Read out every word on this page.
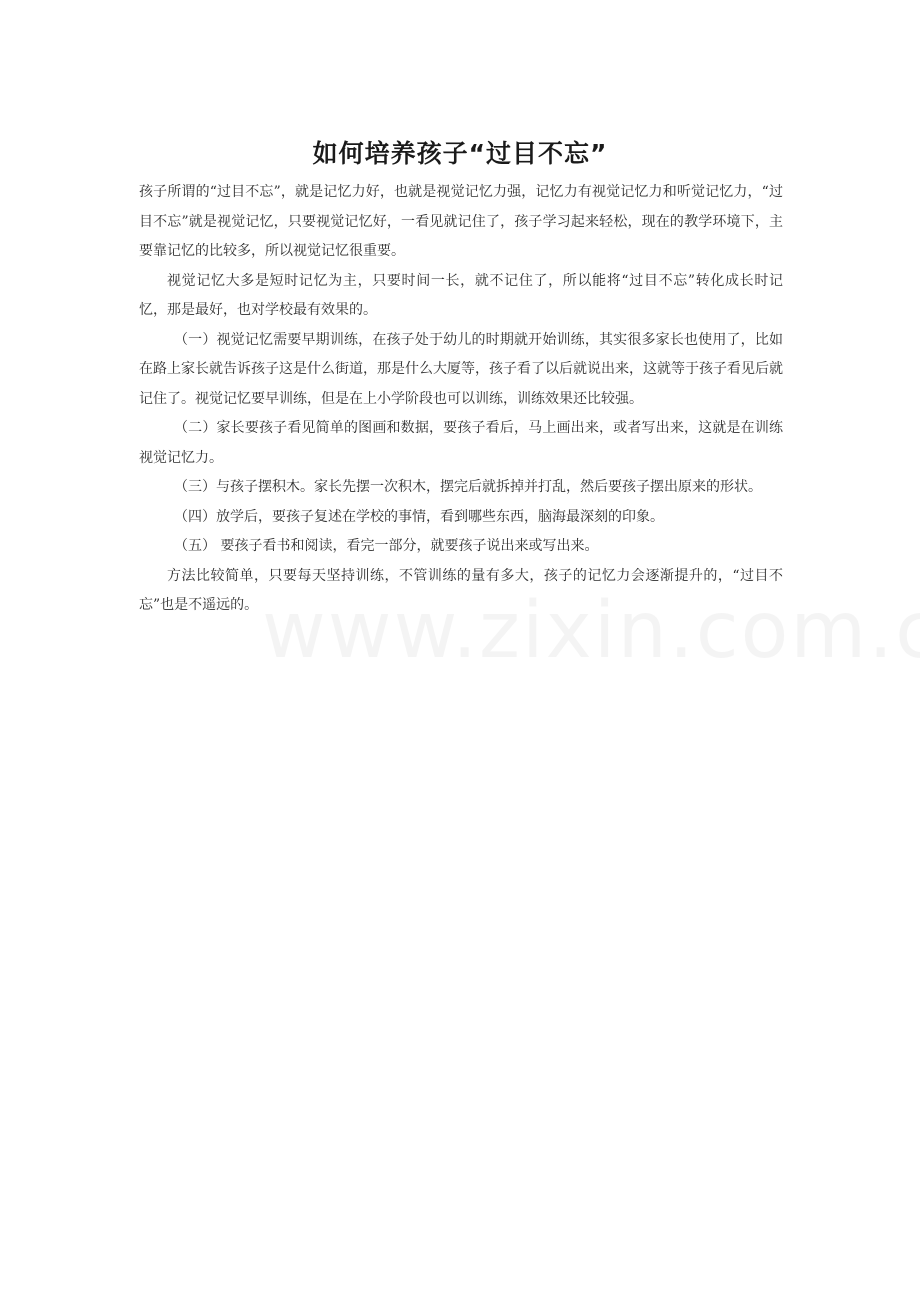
如何培养孩子“过目不忘”

孩子所谓的“过目不忘”，就是记忆力好，也就是视觉记忆力强，记忆力有视觉记忆力和听觉记忆力，“过目不忘”就是视觉记忆，只要视觉记忆好，一看见就记住了，孩子学习起来轻松，现在的教学环境下，主要靠记忆的比较多，所以视觉记忆很重要。

视觉记忆大多是短时记忆为主，只要时间一长，就不记住了，所以能将“过目不忘”转化成长时记忆，那是最好，也对学校最有效果的。

（一）视觉记忆需要早期训练，在孩子处于幼儿的时期就开始训练，其实很多家长也使用了，比如在路上家长就告诉孩子这是什么街道，那是什么大厦等，孩子看了以后就说出来，这就等于孩子看见后就记住了。视觉记忆要早训练，但是在上小学阶段也可以训练，训练效果还比较强。

（二）家长要孩子看见简单的图画和数据，要孩子看后，马上画出来，或者写出来，这就是在训练视觉记忆力。

（三）与孩子摆积木。家长先摆一次积木，摆完后就拆掉并打乱，然后要孩子摆出原来的形状。

（四）放学后，要孩子复述在学校的事情，看到哪些东西，脑海最深刻的印象。

（五） 要孩子看书和阅读，看完一部分，就要孩子说出来或写出来。

方法比较简单，只要每天坚持训练，不管训练的量有多大，孩子的记忆力会逐渐提升的，“过目不忘”也是不遥远的。
